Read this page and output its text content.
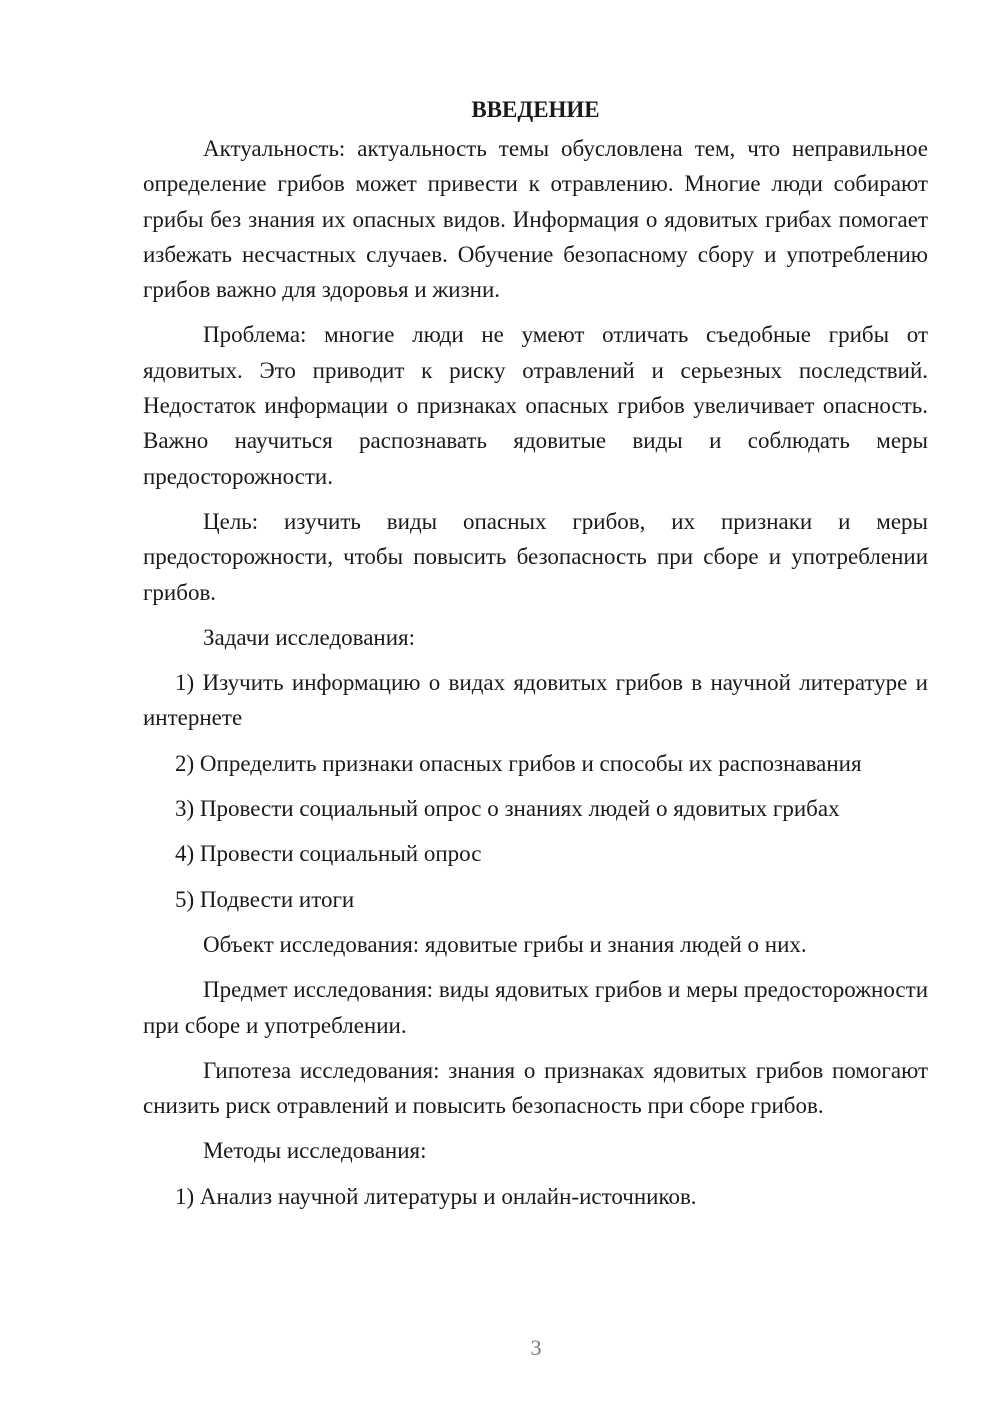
ВВЕДЕНИЕ

Актуальность: актуальность темы обусловлена тем, что неправильное определение грибов может привести к отравлению. Многие люди собирают грибы без знания их опасных видов. Информация о ядовитых грибах помогает избежать несчастных случаев. Обучение безопасному сбору и употреблению грибов важно для здоровья и жизни.

Проблема: многие люди не умеют отличать съедобные грибы от ядовитых. Это приводит к риску отравлений и серьезных последствий. Недостаток информации о признаках опасных грибов увеличивает опасность. Важно научиться распознавать ядовитые виды и соблюдать меры предосторожности.

Цель: изучить виды опасных грибов, их признаки и меры предосторожности, чтобы повысить безопасность при сборе и употреблении грибов.

Задачи исследования:

1) Изучить информацию о видах ядовитых грибов в научной литературе и интернете

2) Определить признаки опасных грибов и способы их распознавания

3) Провести социальный опрос о знаниях людей о ядовитых грибах

4) Провести социальный опрос

5) Подвести итоги

Объект исследования: ядовитые грибы и знания людей о них.

Предмет исследования: виды ядовитых грибов и меры предосторожности при сборе и употреблении.

Гипотеза исследования: знания о признаках ядовитых грибов помогают снизить риск отравлений и повысить безопасность при сборе грибов.

Методы исследования:

1) Анализ научной литературы и онлайн-источников.

3
